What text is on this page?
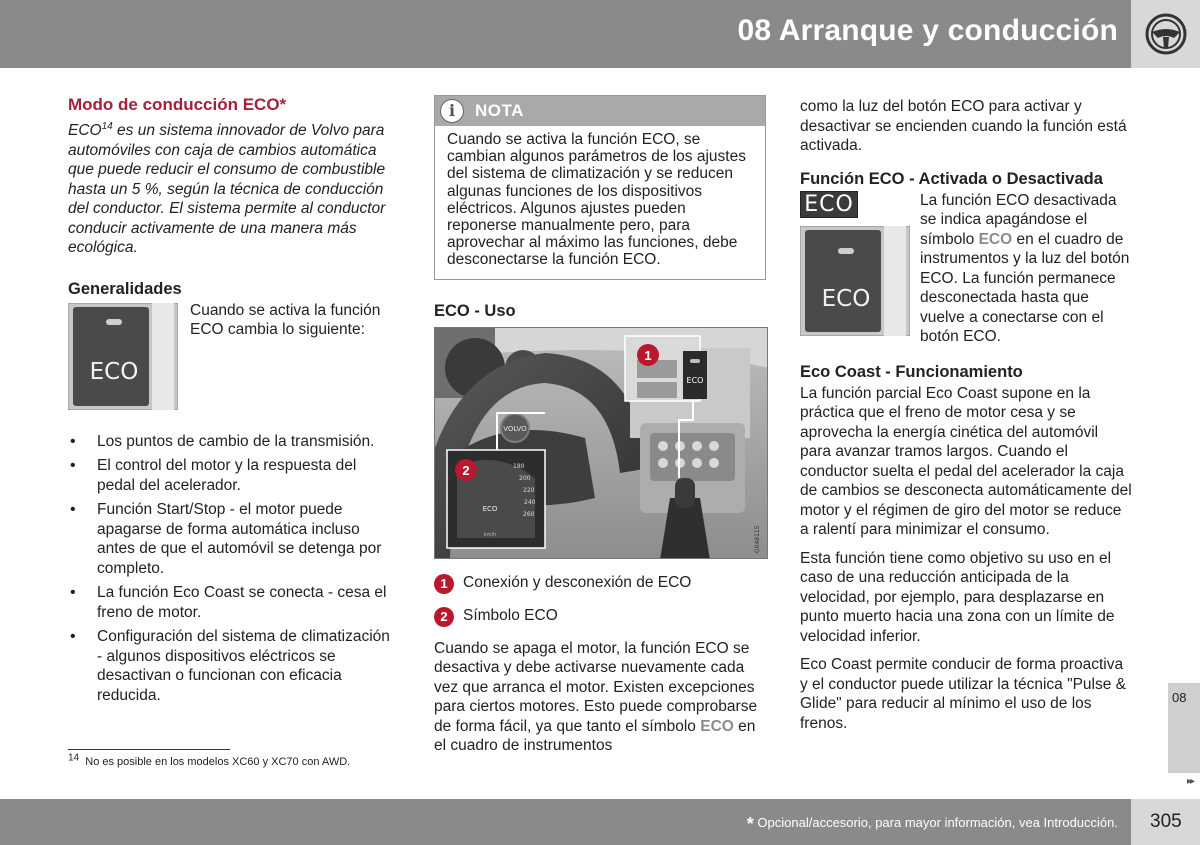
08 Arranque y conducción
Modo de conducción ECO*

ECO$^{14}$ es un sistema innovador de Volvo para automóviles con caja de cambios automática que puede reducir el consumo de combustible hasta un 5 %, según la técnica de conducción del conductor. El sistema permite al conductor conducir activamente de una manera más ecológica.

Generalidades
ECO

Cuando se activa la función ECO cambia lo siguiente:

• Los puntos de cambio de la transmisión.
• El control del motor y la respuesta del pedal del acelerador.
• Función Start/Stop - el motor puede apagarse de forma automática incluso antes de que el automóvil se detenga por completo.
• La función Eco Coast se conecta - cesa el freno de motor.
• Configuración del sistema de climatización - algunos dispositivos eléctricos se desactivan o funcionan con eficacia reducida.
i	NOTA

Cuando se activa la función ECO, se cambian algunos parámetros de los ajustes del sistema de climatización y se reducen algunas funciones de los dispositivos eléctricos. Algunos ajustes pueden reponerse manualmente pero, para aprovechar al máximo las funciones, debe desconectarse la función ECO.

ECO - Uso
VOLVO
ECO
180
200
220
240
260
ECO
km/h
1
2
G048115
1 Conexión y desconexión de ECO
2 Símbolo ECO

Cuando se apaga el motor, la función ECO se desactiva y debe activarse nuevamente cada vez que arranca el motor. Existen excepciones para ciertos motores. Esto puede comprobarse de forma fácil, ya que tanto el símbolo ECO en el cuadro de instrumentos

como la luz del botón ECO para activar y desactivar se encienden cuando la función está activada.

Función ECO - Activada o Desactivada
ECO
ECO

La función ECO desactivada se indica apagándose el símbolo ECO en el cuadro de instrumentos y la luz del botón ECO. La función permanece desconectada hasta que vuelve a conectarse con el botón ECO.

Eco Coast - Funcionamiento

La función parcial Eco Coast supone en la práctica que el freno de motor cesa y se aprovecha la energía cinética del automóvil para avanzar tramos largos. Cuando el conductor suelta el pedal del acelerador la caja de cambios se desconecta automáticamente del motor y el régimen de giro del motor se reduce a ralentí para minimizar el consumo.

Esta función tiene como objetivo su uso en el caso de una reducción anticipada de la velocidad, por ejemplo, para desplazarse en punto muerto hacia una zona con un límite de velocidad inferior.

Eco Coast permite conducir de forma proactiva y el conductor puede utilizar la técnica "Pulse & Glide" para reducir al mínimo el uso de los frenos.

$^{14}$ No es posible en los modelos XC60 y XC70 con AWD.
08
▸▸
* Opcional/accesorio, para mayor información, vea Introducción. 305
